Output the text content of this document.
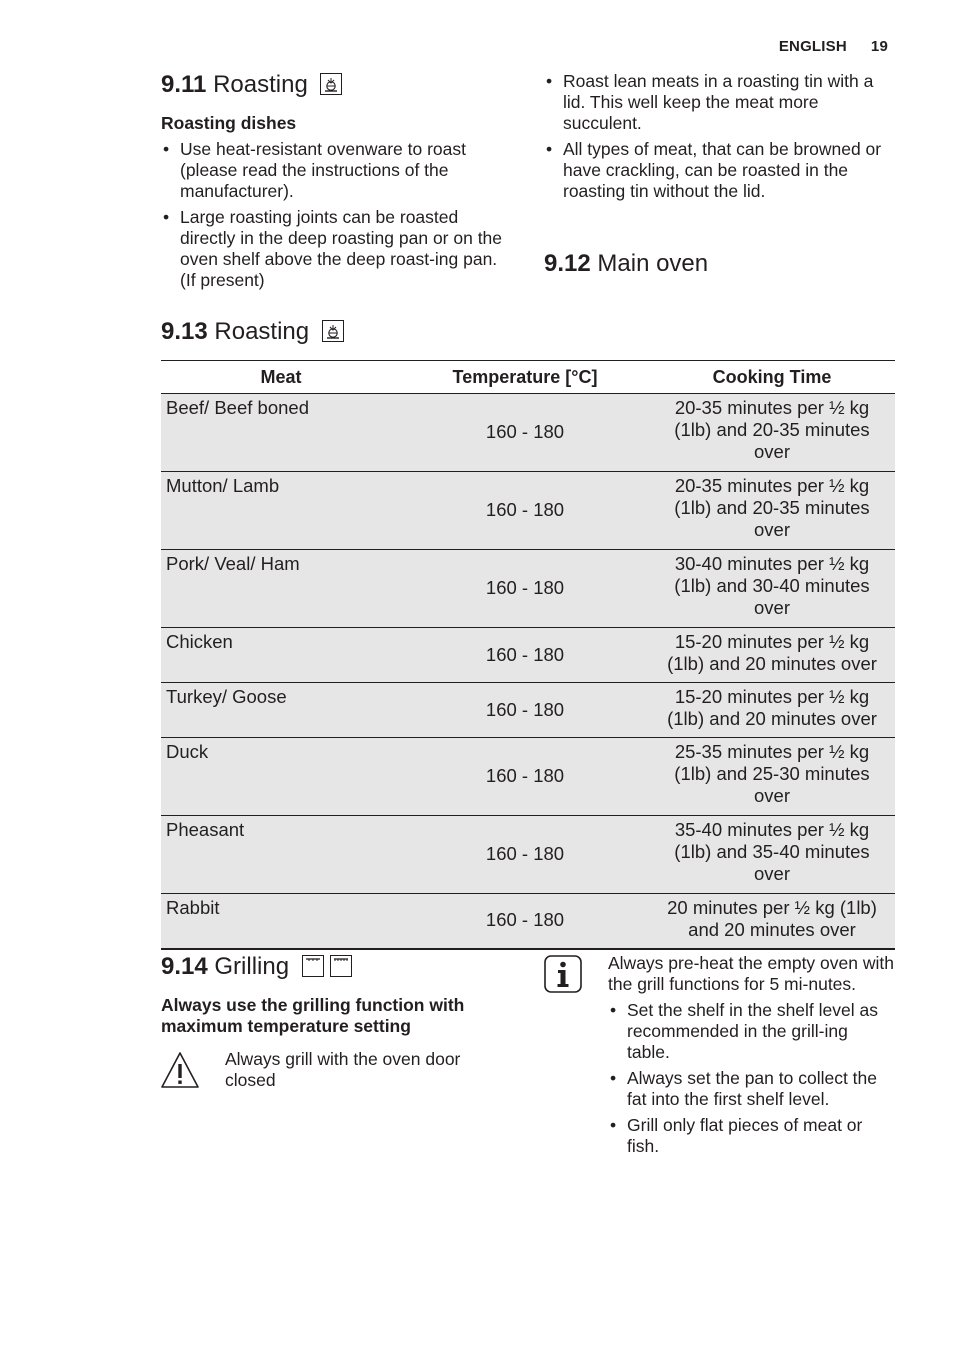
ENGLISH 19
9.11 Roasting

Roasting dishes

• Use heat-resistant ovenware to roast (please read the instructions of the manufacturer).
• Large roasting joints can be roasted directly in the deep roasting pan or on the oven shelf above the deep roast-ing pan. (If present)
• Roast lean meats in a roasting tin with a lid. This well keep the meat more succulent.
• All types of meat, that can be browned or have crackling, can be roasted in the roasting tin without the lid.
9.12 Main oven
9.13 Roasting
Meat	Temperature [°C]	Cooking Time
Beef/ Beef boned	160 - 180	20-35 minutes per ½ kg (1lb) and 20-35 minutes over
Mutton/ Lamb	160 - 180	20-35 minutes per ½ kg (1lb) and 20-35 minutes over
Pork/ Veal/ Ham	160 - 180	30-40 minutes per ½ kg (1lb) and 30-40 minutes over
Chicken	160 - 180	15-20 minutes per ½ kg (1lb) and 20 minutes over
Turkey/ Goose	160 - 180	15-20 minutes per ½ kg (1lb) and 20 minutes over
Duck	160 - 180	25-35 minutes per ½ kg (1lb) and 25-30 minutes over
Pheasant	160 - 180	35-40 minutes per ½ kg (1lb) and 35-40 minutes over
Rabbit	160 - 180	20 minutes per ½ kg (1lb) and 20 minutes over
9.14 Grilling

Always use the grilling function with maximum temperature setting

Always grill with the oven door closed

Always pre-heat the empty oven with the grill functions for 5 mi-nutes.

• Set the shelf in the shelf level as recommended in the grill-ing table.
• Always set the pan to collect the fat into the first shelf level.
• Grill only flat pieces of meat or fish.
